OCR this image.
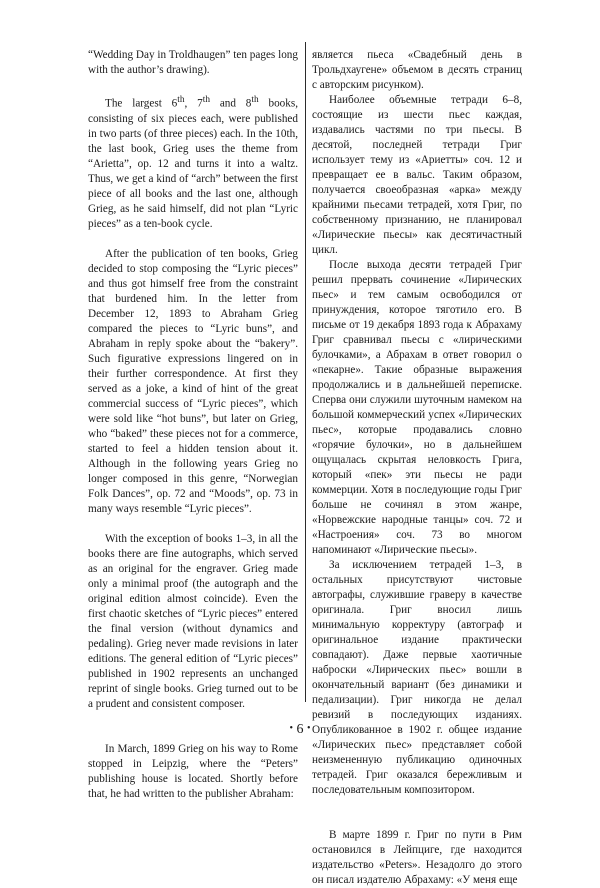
“Wedding Day in Troldhaugen” ten pages long with the author’s drawing).

The largest 6th, 7th and 8th books, consisting of six pieces each, were published in two parts (of three pieces) each. In the 10th, the last book, Grieg uses the theme from “Arietta”, op. 12 and turns it into a waltz. Thus, we get a kind of “arch” between the first piece of all books and the last one, although Grieg, as he said himself, did not plan “Lyric pieces” as a ten-book cycle.

After the publication of ten books, Grieg decided to stop composing the “Lyric pieces” and thus got himself free from the constraint that burdened him. In the letter from December 12, 1893 to Abraham Grieg compared the pieces to “Lyric buns”, and Abraham in reply spoke about the “bakery”. Such figurative expressions lingered on in their further correspondence. At first they served as a joke, a kind of hint of the great commercial success of “Lyric pieces”, which were sold like “hot buns”, but later on Grieg, who “baked” these pieces not for a commerce, started to feel a hidden tension about it. Although in the following years Grieg no longer composed in this genre, “Norwegian Folk Dances”, op. 72 and “Moods”, op. 73 in many ways resemble “Lyric pieces”.

With the exception of books 1–3, in all the books there are fine autographs, which served as an original for the engraver. Grieg made only a minimal proof (the autograph and the original edition almost coincide). Even the first chaotic sketches of “Lyric pieces” entered the final version (without dynamics and pedaling). Grieg never made revisions in later editions. The general edition of “Lyric pieces” published in 1902 represents an unchanged reprint of single books. Grieg turned out to be a prudent and consistent composer.

In March, 1899 Grieg on his way to Rome stopped in Leipzig, where the “Peters” publishing house is located. Shortly before that, he had written to the publisher Abraham:

является пьеса «Свадебный день в Трольдхаугене» объемом в десять страниц с авторским рисунком).

Наиболее объемные тетради 6–8, состоящие из шести пьес каждая, издавались частями по три пьесы. В десятой, последней тетради Григ использует тему из «Ариетты» соч. 12 и превращает ее в вальс. Таким образом, получается своеобразная «арка» между крайними пьесами тетрадей, хотя Григ, по собственному признанию, не планировал «Лирические пьесы» как десятичастный цикл.

После выхода десяти тетрадей Григ решил прервать сочинение «Лирических пьес» и тем самым освободился от принуждения, которое тяготило его. В письме от 19 декабря 1893 года к Абрахаму Григ сравнивал пьесы с «лирическими булочками», а Абрахам в ответ говорил о «пекарне». Такие образные выражения продолжались и в дальнейшей переписке. Сперва они служили шуточным намеком на большой коммерческий успех «Лирических пьес», которые продавались словно «горячие булочки», но в дальнейшем ощущалась скрытая неловкость Грига, который «пек» эти пьесы не ради коммерции. Хотя в последующие годы Григ больше не сочинял в этом жанре, «Норвежские народные танцы» соч. 72 и «Настроения» соч. 73 во многом напоминают «Лирические пьесы».

За исключением тетрадей 1–3, в остальных присутствуют чистовые автографы, служившие граверу в качестве оригинала. Григ вносил лишь минимальную корректуру (автограф и оригинальное издание практически совпадают). Даже первые хаотичные наброски «Лирических пьес» вошли в окончательный вариант (без динамики и педализации). Григ никогда не делал ревизий в последующих изданиях. Опубликованное в 1902 г. общее издание «Лирических пьес» представляет собой неизмененную публикацию одиночных тетрадей. Григ оказался бережливым и последовательным композитором.

В марте 1899 г. Григ по пути в Рим остановился в Лейпциге, где находится издательство «Peters». Незадолго до этого он писал издателю Абрахаму: «У меня еще

• 6 •
